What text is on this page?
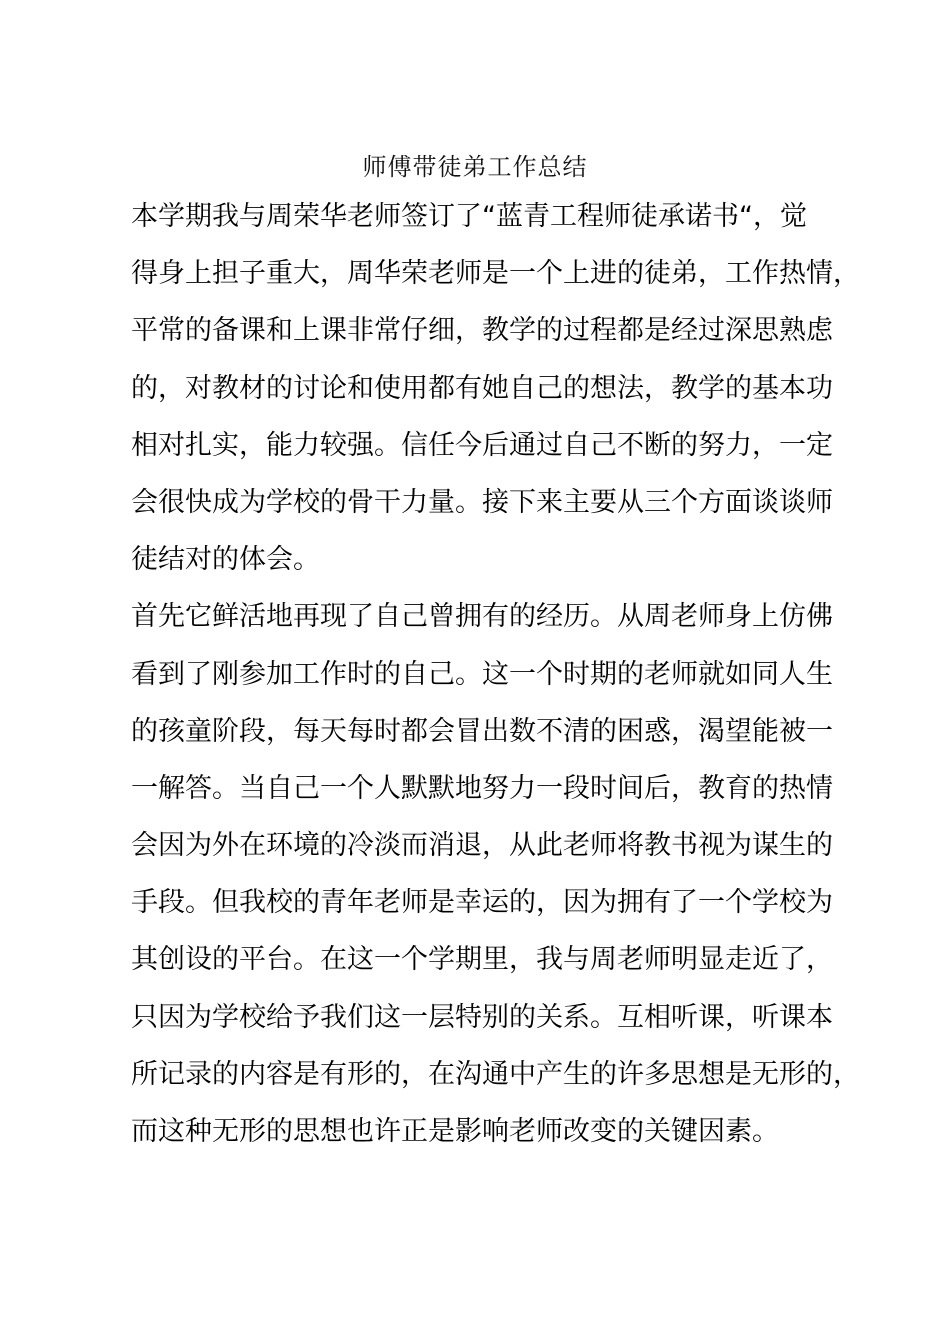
师傅带徒弟工作总结
本学期我与周荣华老师签订了“蓝青工程师徒承诺书“，觉
得身上担子重大，周华荣老师是一个上进的徒弟，工作热情，
平常的备课和上课非常仔细，教学的过程都是经过深思熟虑
的，对教材的讨论和使用都有她自己的想法，教学的基本功
相对扎实，能力较强。信任今后通过自己不断的努力，一定
会很快成为学校的骨干力量。接下来主要从三个方面谈谈师
徒结对的体会。
首先它鲜活地再现了自己曾拥有的经历。从周老师身上仿佛
看到了刚参加工作时的自己。这一个时期的老师就如同人生
的孩童阶段，每天每时都会冒出数不清的困惑，渴望能被一
一解答。当自己一个人默默地努力一段时间后，教育的热情
会因为外在环境的冷淡而消退，从此老师将教书视为谋生的
手段。但我校的青年老师是幸运的，因为拥有了一个学校为
其创设的平台。在这一个学期里，我与周老师明显走近了，
只因为学校给予我们这一层特别的关系。互相听课，听课本
所记录的内容是有形的，在沟通中产生的许多思想是无形的，
而这种无形的思想也许正是影响老师改变的关键因素。
